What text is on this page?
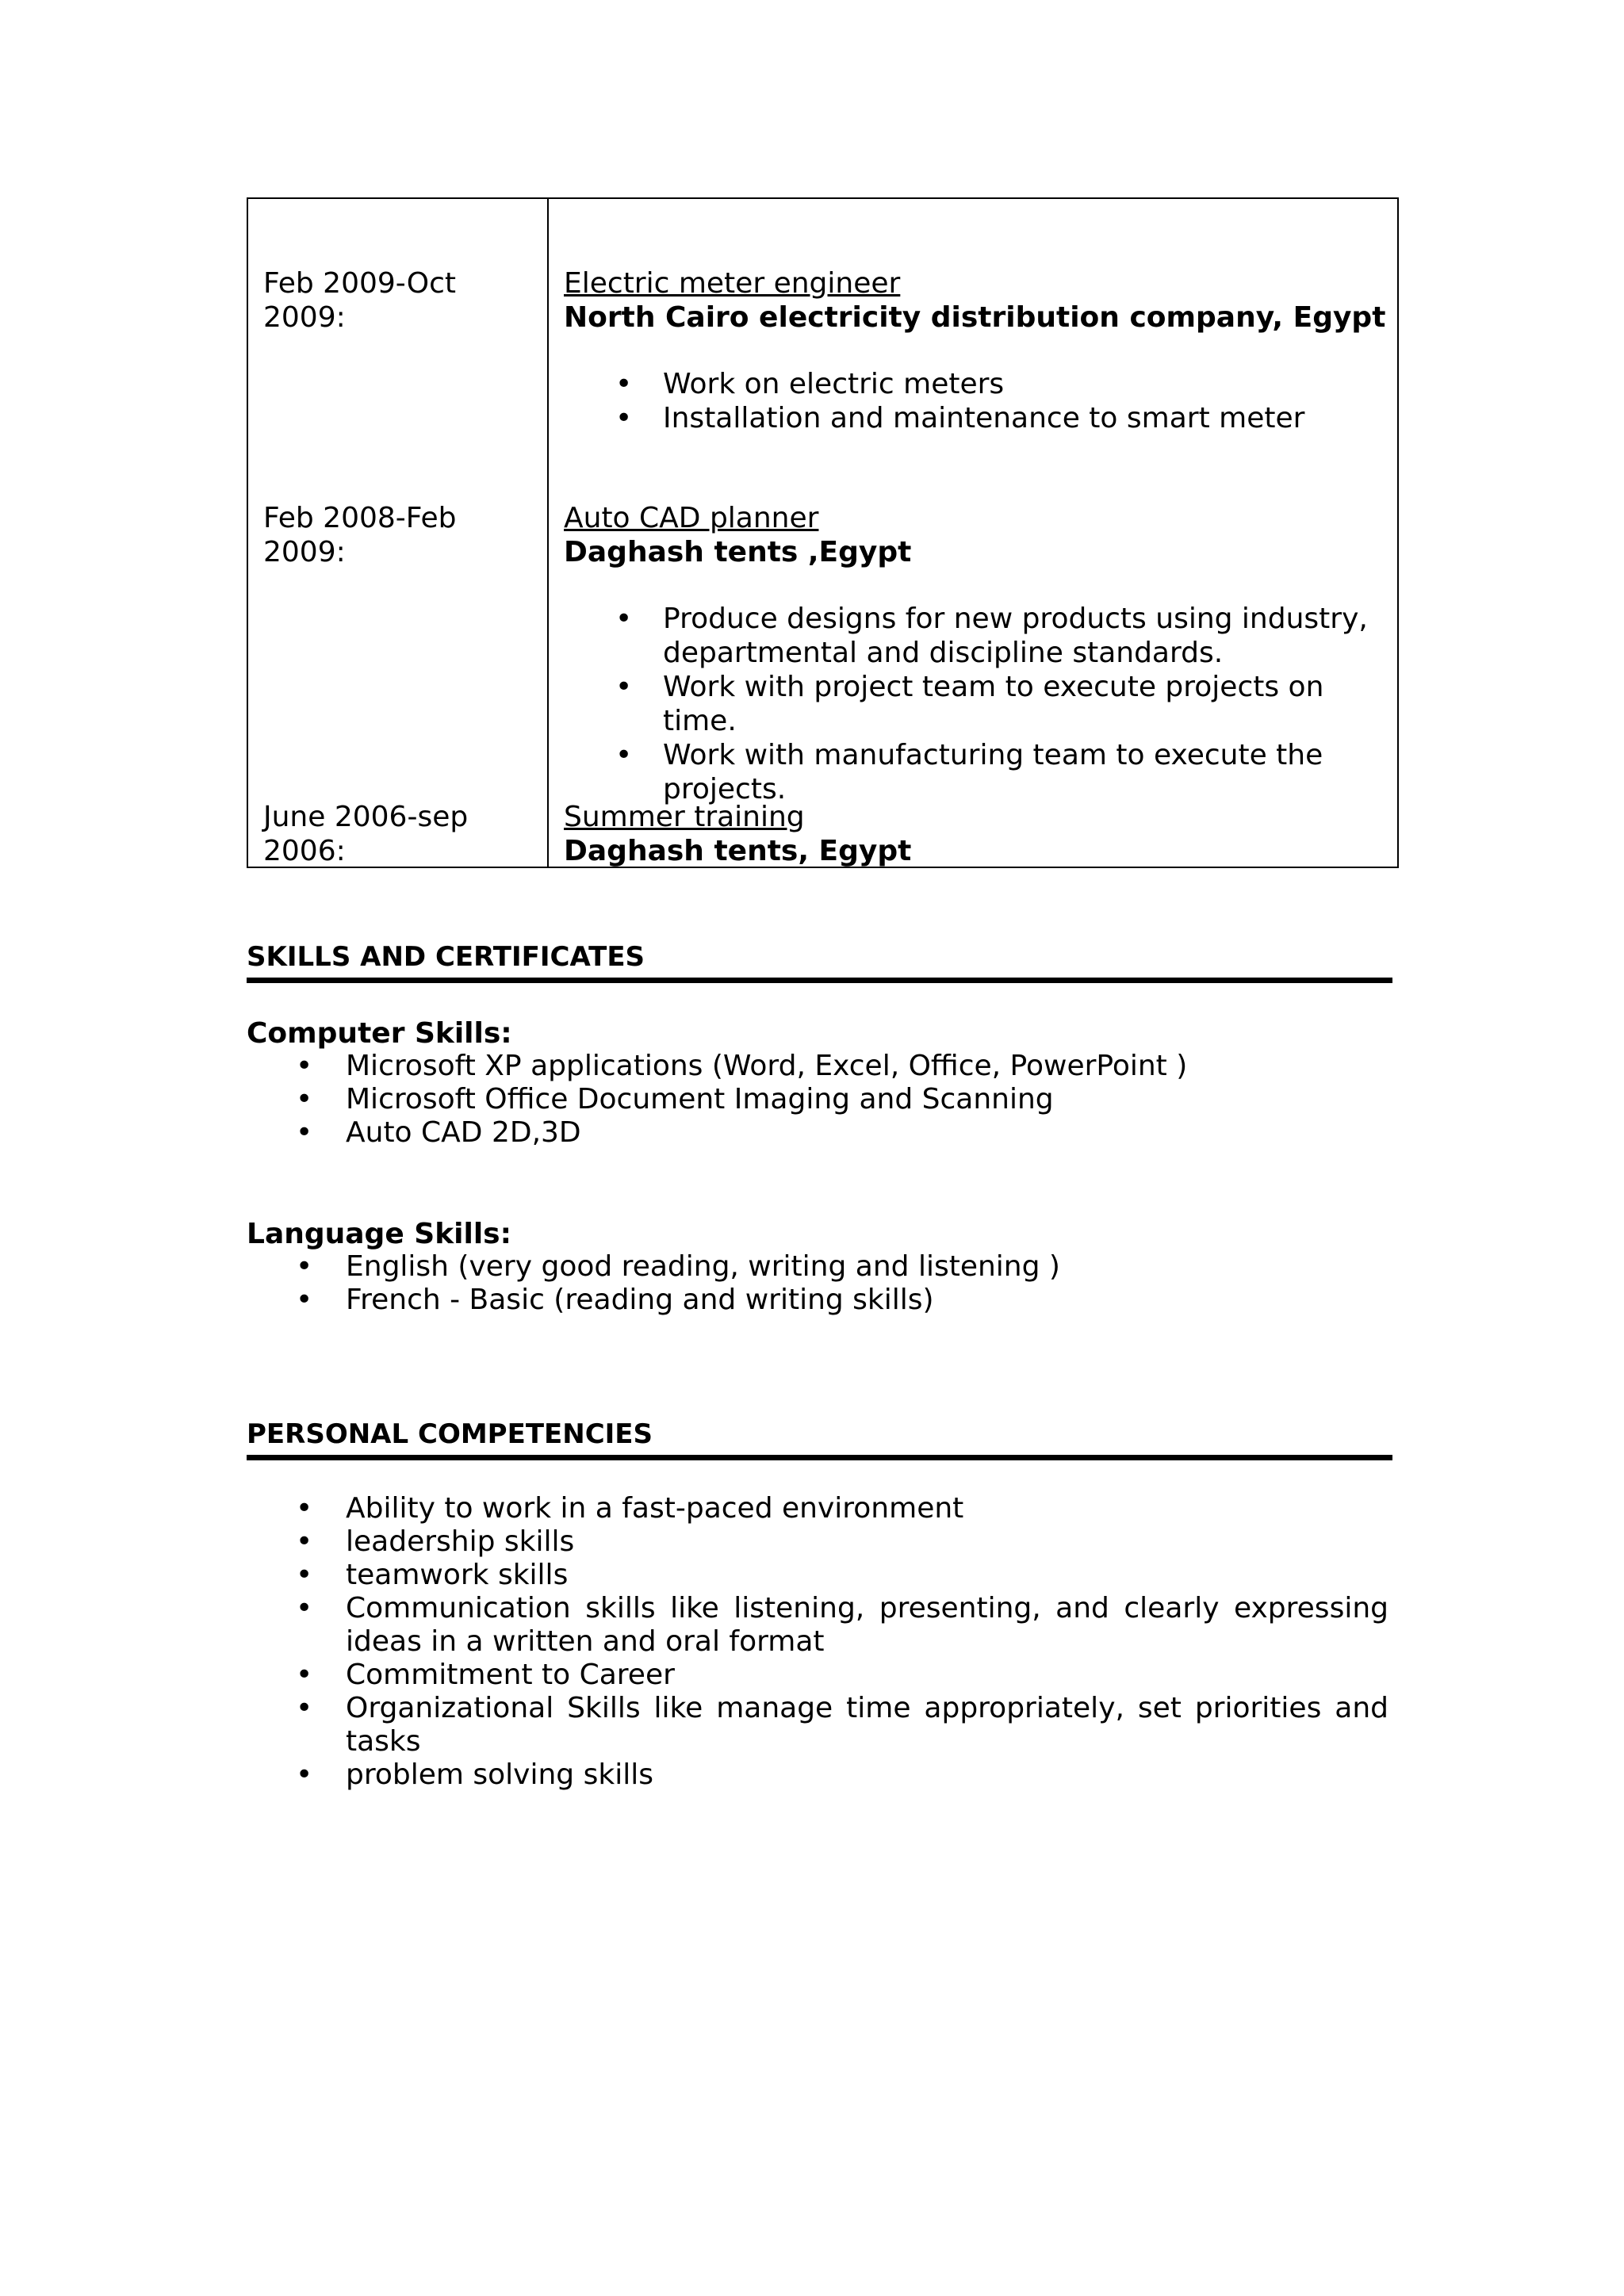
Feb 2009-Oct 2009:
Feb 2008-Feb 2009:
June 2006-sep 2006:
Electric meter engineer
North Cairo electricity distribution company, Egypt
• Work on electric meters
• Installation and maintenance to smart meter
Auto CAD planner
Daghash tents ,Egypt
• Produce designs for new products using industry, departmental and discipline standards.
• Work with project team to execute projects on time.
• Work with manufacturing team to execute the projects.
Summer training
Daghash tents, Egypt
SKILLS AND CERTIFICATES
Computer Skills:
• Microsoft XP applications (Word, Excel, Office, PowerPoint )
• Microsoft Office Document Imaging and Scanning
• Auto CAD 2D,3D
Language Skills:
• English (very good reading, writing and listening )
• French - Basic (reading and writing skills)
PERSONAL COMPETENCIES
• Ability to work in a fast-paced environment
• leadership skills
• teamwork skills
• Communication skills like listening, presenting, and clearly expressing ideas in a written and oral format
• Commitment to Career
• Organizational Skills like manage time appropriately, set priorities and tasks
• problem solving skills
